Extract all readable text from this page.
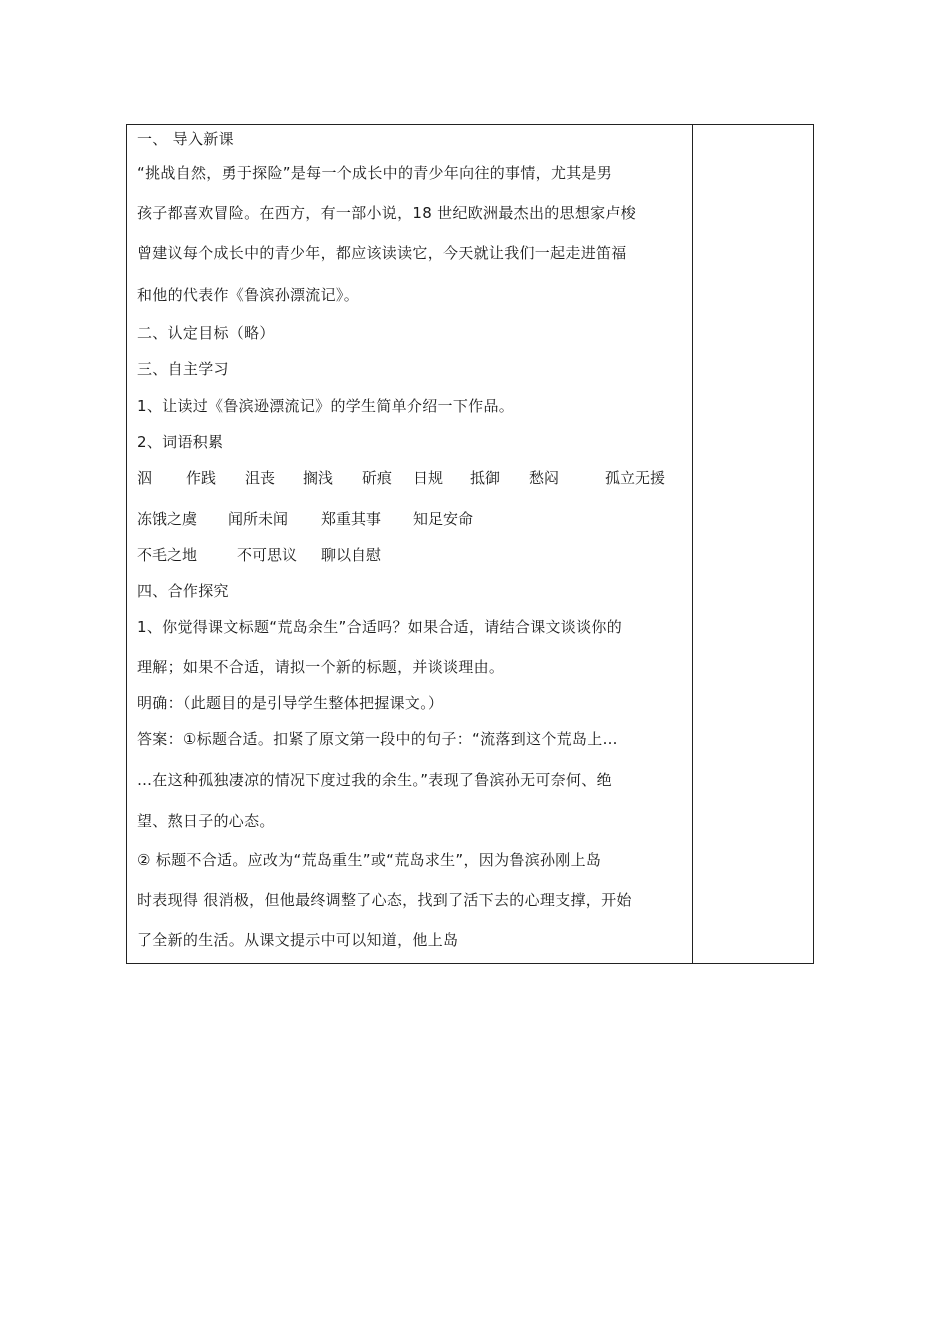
一、 导入新课
“挑战自然，勇于探险”是每一个成长中的青少年向往的事情，尤其是男
孩子都喜欢冒险。在西方，有一部小说，18 世纪欧洲最杰出的思想家卢梭
曾建议每个成长中的青少年，都应该读读它，今天就让我们一起走进笛福
和他的代表作《鲁滨孙漂流记》。
二、认定目标（略）
三、自主学习
1、让读过《鲁滨逊漂流记》的学生简单介绍一下作品。
2、词语积累
泅 作践 沮丧 搁浅 斫痕 日规 抵御 愁闷	孤立无援
冻饿之虞 闻所未闻 郑重其事 知足安命
不毛之地	不可思议 聊以自慰
四、合作探究
1、你觉得课文标题“荒岛余生”合适吗？如果合适，请结合课文谈谈你的
理解；如果不合适，请拟一个新的标题，并谈谈理由。
明确：（此题目的是引导学生整体把握课文。）
答案：①标题合适。扣紧了原文第一段中的句子：“流落到这个荒岛上…
…在这种孤独凄凉的情况下度过我的余生。”表现了鲁滨孙无可奈何、绝
望、熬日子的心态。
② 标题不合适。应改为“荒岛重生”或“荒岛求生”，因为鲁滨孙刚上岛
时表现得 很消极，但他最终调整了心态，找到了活下去的心理支撑，开始
了全新的生活。从课文提示中可以知道，他上岛
